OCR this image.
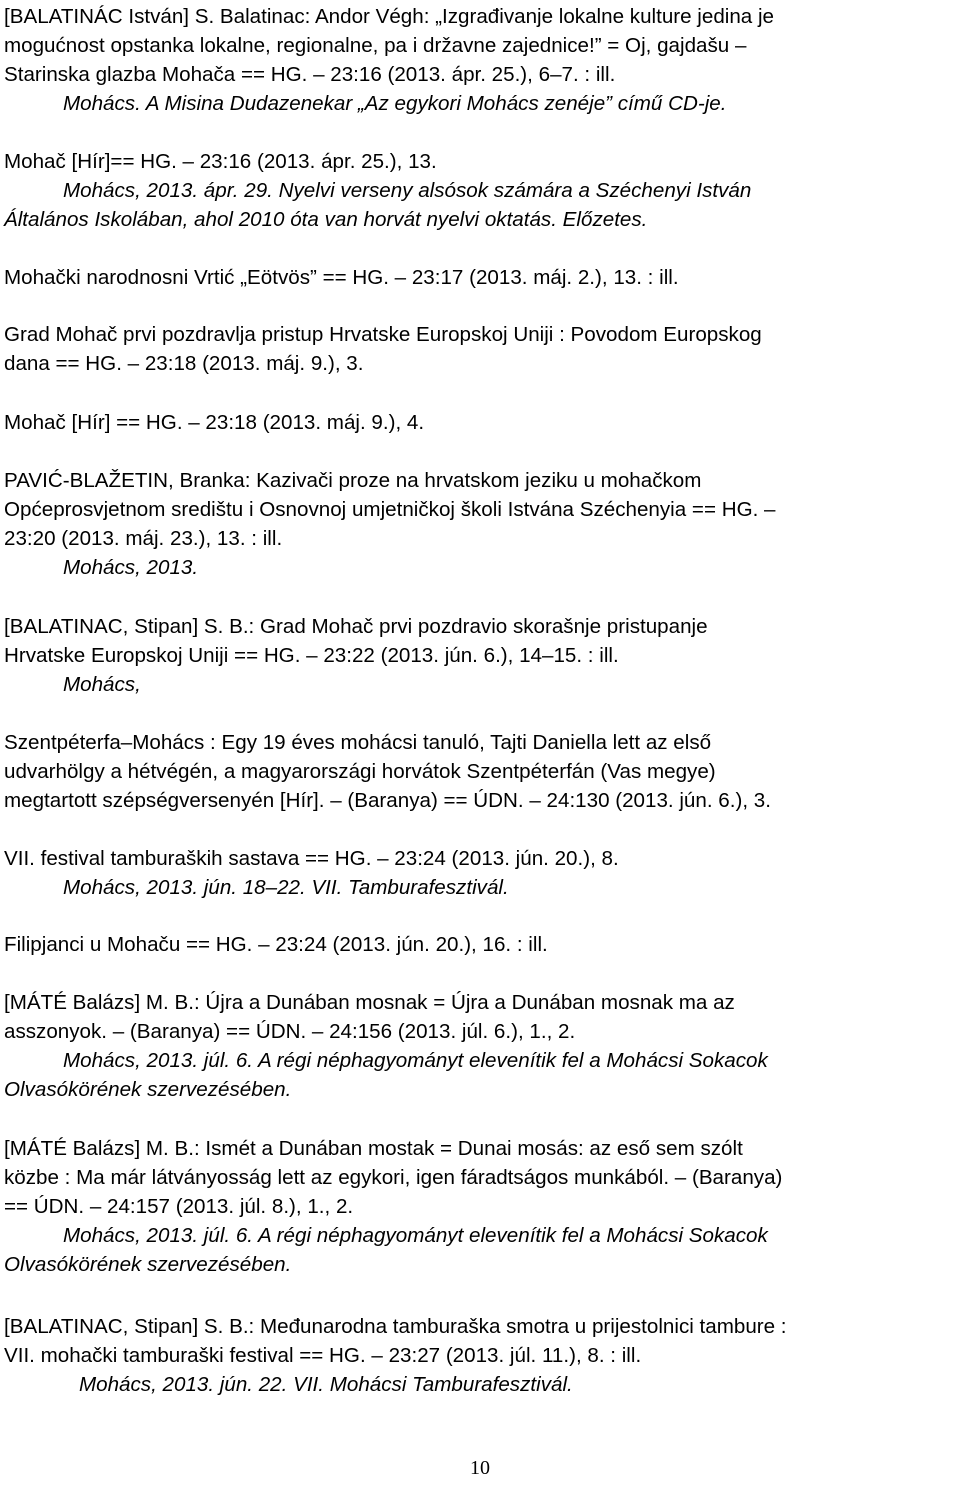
[BALATINÁC István] S. Balatinac: Andor Végh: „Izgrađivanje lokalne kulture jedina je

mogućnost opstanka lokalne, regionalne, pa i državne zajednice!” = Oj, gajdašu –

Starinska glazba Mohača == HG. – 23:16 (2013. ápr. 25.), 6–7. : ill.

Mohács. A Misina Dudazenekar „Az egykori Mohács zenéje” című CD-je.

Mohač [Hír]== HG. – 23:16 (2013. ápr. 25.), 13.

Mohács, 2013. ápr. 29. Nyelvi verseny alsósok számára a Széchenyi István

Általános Iskolában, ahol 2010 óta van horvát nyelvi oktatás. Előzetes.

Mohački narodnosni Vrtić „Eötvös” == HG. – 23:17 (2013. máj. 2.), 13. : ill.

Grad Mohač prvi pozdravlja pristup Hrvatske Europskoj Uniji : Povodom Europskog

dana == HG. – 23:18 (2013. máj. 9.), 3.

Mohač [Hír] == HG. – 23:18 (2013. máj. 9.), 4.

PAVIĆ-BLAŽETIN, Branka: Kazivači proze na hrvatskom jeziku u mohačkom

Općeprosvjetnom središtu i Osnovnoj umjetničkoj školi Istvána Széchenyia == HG. –

23:20 (2013. máj. 23.), 13. : ill.

Mohács, 2013.

[BALATINAC, Stipan] S. B.: Grad Mohač prvi pozdravio skorašnje pristupanje

Hrvatske Europskoj Uniji == HG. – 23:22 (2013. jún. 6.), 14–15. : ill.

Mohács,

Szentpéterfa–Mohács : Egy 19 éves mohácsi tanuló, Tajti Daniella lett az első

udvarhölgy a hétvégén, a magyarországi horvátok Szentpéterfán (Vas megye)

megtartott szépségversenyén [Hír]. – (Baranya) == ÚDN. – 24:130 (2013. jún. 6.), 3.

VII. festival tamburaških sastava == HG. – 23:24 (2013. jún. 20.), 8.

Mohács, 2013. jún. 18–22. VII. Tamburafesztivál.

Filipjanci u Mohaču == HG. – 23:24 (2013. jún. 20.), 16. : ill.

[MÁTÉ Balázs] M. B.: Újra a Dunában mosnak = Újra a Dunában mosnak ma az

asszonyok. – (Baranya) == ÚDN. – 24:156 (2013. júl. 6.), 1., 2.

Mohács, 2013. júl. 6. A régi néphagyományt elevenítik fel a Mohácsi Sokacok

Olvasókörének szervezésében.

[MÁTÉ Balázs] M. B.: Ismét a Dunában mostak = Dunai mosás: az eső sem szólt

közbe : Ma már látványosság lett az egykori, igen fáradtságos munkából. – (Baranya)

== ÚDN. – 24:157 (2013. júl. 8.), 1., 2.

Mohács, 2013. júl. 6. A régi néphagyományt elevenítik fel a Mohácsi Sokacok

Olvasókörének szervezésében.

[BALATINAC, Stipan] S. B.: Međunarodna tamburaška smotra u prijestolnici tambure :

VII. mohački tamburaški festival == HG. – 23:27 (2013. júl. 11.), 8. : ill.

Mohács, 2013. jún. 22. VII. Mohácsi Tamburafesztivál.

10
